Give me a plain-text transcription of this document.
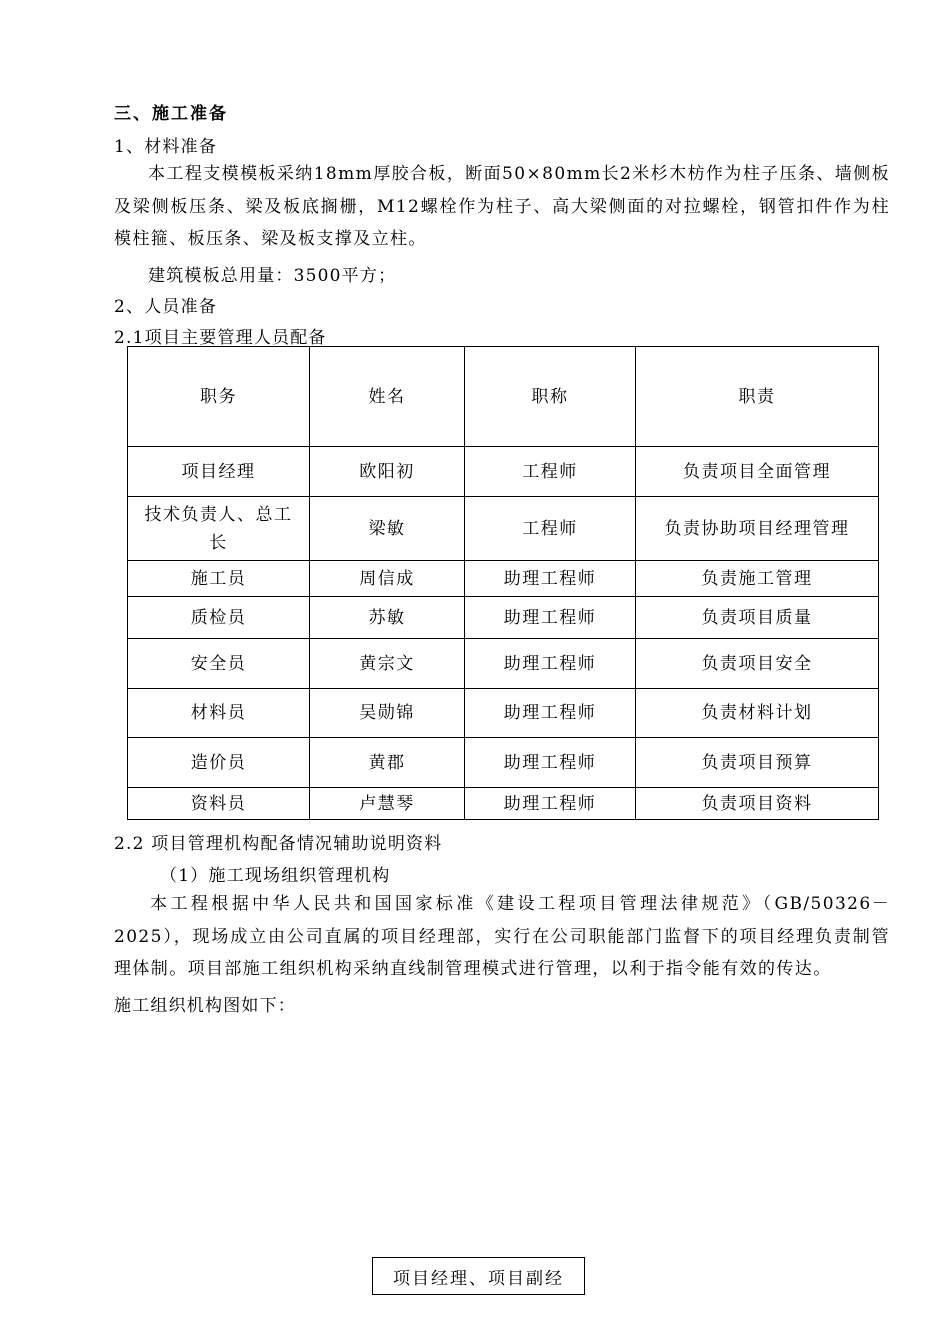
三、施工准备
1、材料准备
本工程支模模板采纳18mm厚胶合板，断面50×80mm长2米杉木枋作为柱子压条、墙侧板及梁侧板压条、梁及板底搁栅，M12螺栓作为柱子、高大梁侧面的对拉螺栓，钢管扣件作为柱模柱箍、板压条、梁及板支撑及立柱。
建筑模板总用量：3500平方；
2、人员准备
2.1项目主要管理人员配备
职务	姓名	职称	职责
项目经理	欧阳初	工程师	负责项目全面管理
技术负责人、总工长	梁敏	工程师	负责协助项目经理管理
施工员	周信成	助理工程师	负责施工管理
质检员	苏敏	助理工程师	负责项目质量
安全员	黄宗文	助理工程师	负责项目安全
材料员	吴勋锦	助理工程师	负责材料计划
造价员	黄郡	助理工程师	负责项目预算
资料员	卢慧琴	助理工程师	负责项目资料
2.2 项目管理机构配备情况辅助说明资料
（1）施工现场组织管理机构
本工程根据中华人民共和国国家标准《建设工程项目管理法律规范》（GB/50326－2025），现场成立由公司直属的项目经理部，实行在公司职能部门监督下的项目经理负责制管理体制。项目部施工组织机构采纳直线制管理模式进行管理，以利于指令能有效的传达。
施工组织机构图如下：
项目经理、项目副经
